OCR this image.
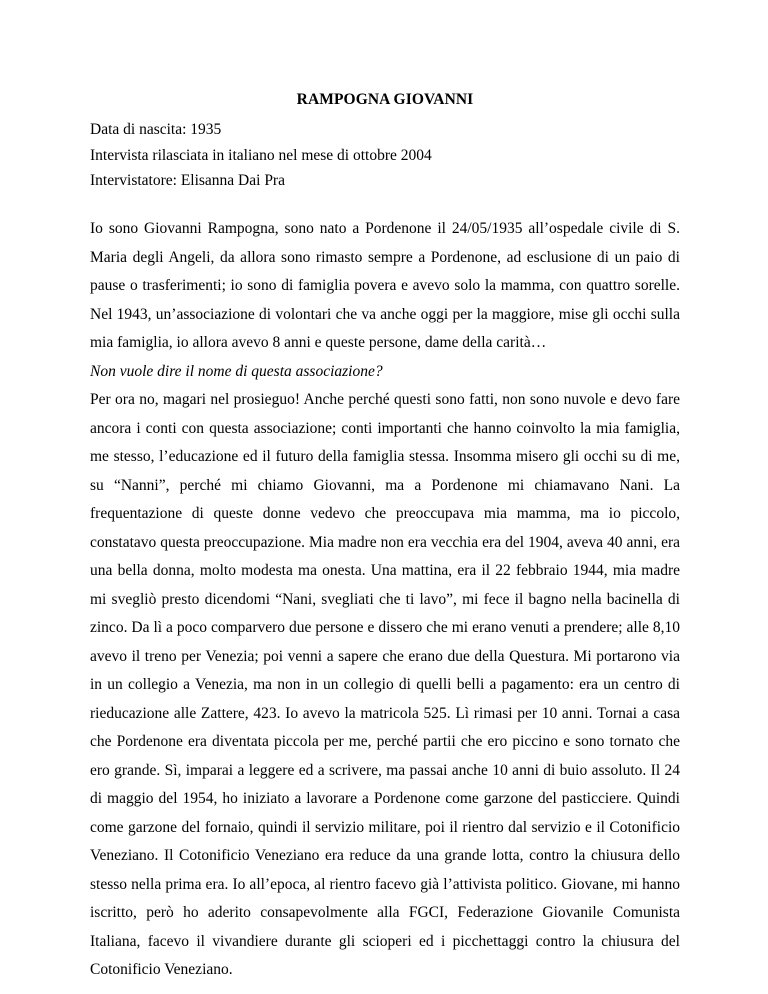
RAMPOGNA GIOVANNI
Data di nascita: 1935
Intervista rilasciata in italiano nel mese di ottobre 2004
Intervistatore: Elisanna Dai Pra

Io sono Giovanni Rampogna, sono nato a Pordenone il 24/05/1935 all’ospedale civile di S. Maria degli Angeli, da allora sono rimasto sempre a Pordenone, ad esclusione di un paio di pause o trasferimenti; io sono di famiglia povera e avevo solo la mamma, con quattro sorelle. Nel 1943, un’associazione di volontari che va anche oggi per la maggiore, mise gli occhi sulla mia famiglia, io allora avevo 8 anni e queste persone, dame della carità…

Non vuole dire il nome di questa associazione?

Per ora no, magari nel prosieguo! Anche perché questi sono fatti, non sono nuvole e devo fare ancora i conti con questa associazione; conti importanti che hanno coinvolto la mia famiglia, me stesso, l’educazione ed il futuro della famiglia stessa. Insomma misero gli occhi su di me, su “Nanni”, perché mi chiamo Giovanni, ma a Pordenone mi chiamavano Nani. La frequentazione di queste donne vedevo che preoccupava mia mamma, ma io piccolo, constatavo questa preoccupazione. Mia madre non era vecchia era del 1904, aveva 40 anni, era una bella donna, molto modesta ma onesta. Una mattina, era il 22 febbraio 1944, mia madre mi svegliò presto dicendomi “Nani, svegliati che ti lavo”, mi fece il bagno nella bacinella di zinco. Da lì a poco comparvero due persone e dissero che mi erano venuti a prendere; alle 8,10 avevo il treno per Venezia; poi venni a sapere che erano due della Questura. Mi portarono via in un collegio a Venezia, ma non in un collegio di quelli belli a pagamento: era un centro di rieducazione alle Zattere, 423. Io avevo la matricola 525. Lì rimasi per 10 anni. Tornai a casa che Pordenone era diventata piccola per me, perché partii che ero piccino e sono tornato che ero grande. Sì, imparai a leggere ed a scrivere, ma passai anche 10 anni di buio assoluto. Il 24 di maggio del 1954, ho iniziato a lavorare a Pordenone come garzone del pasticciere. Quindi come garzone del fornaio, quindi il servizio militare, poi il rientro dal servizio e il Cotonificio Veneziano. Il Cotonificio Veneziano era reduce da una grande lotta, contro la chiusura dello stesso nella prima era. Io all’epoca, al rientro facevo già l’attivista politico. Giovane, mi hanno iscritto, però ho aderito consapevolmente alla FGCI, Federazione Giovanile Comunista Italiana, facevo il vivandiere durante gli scioperi ed i picchettaggi contro la chiusura del Cotonificio Veneziano.
